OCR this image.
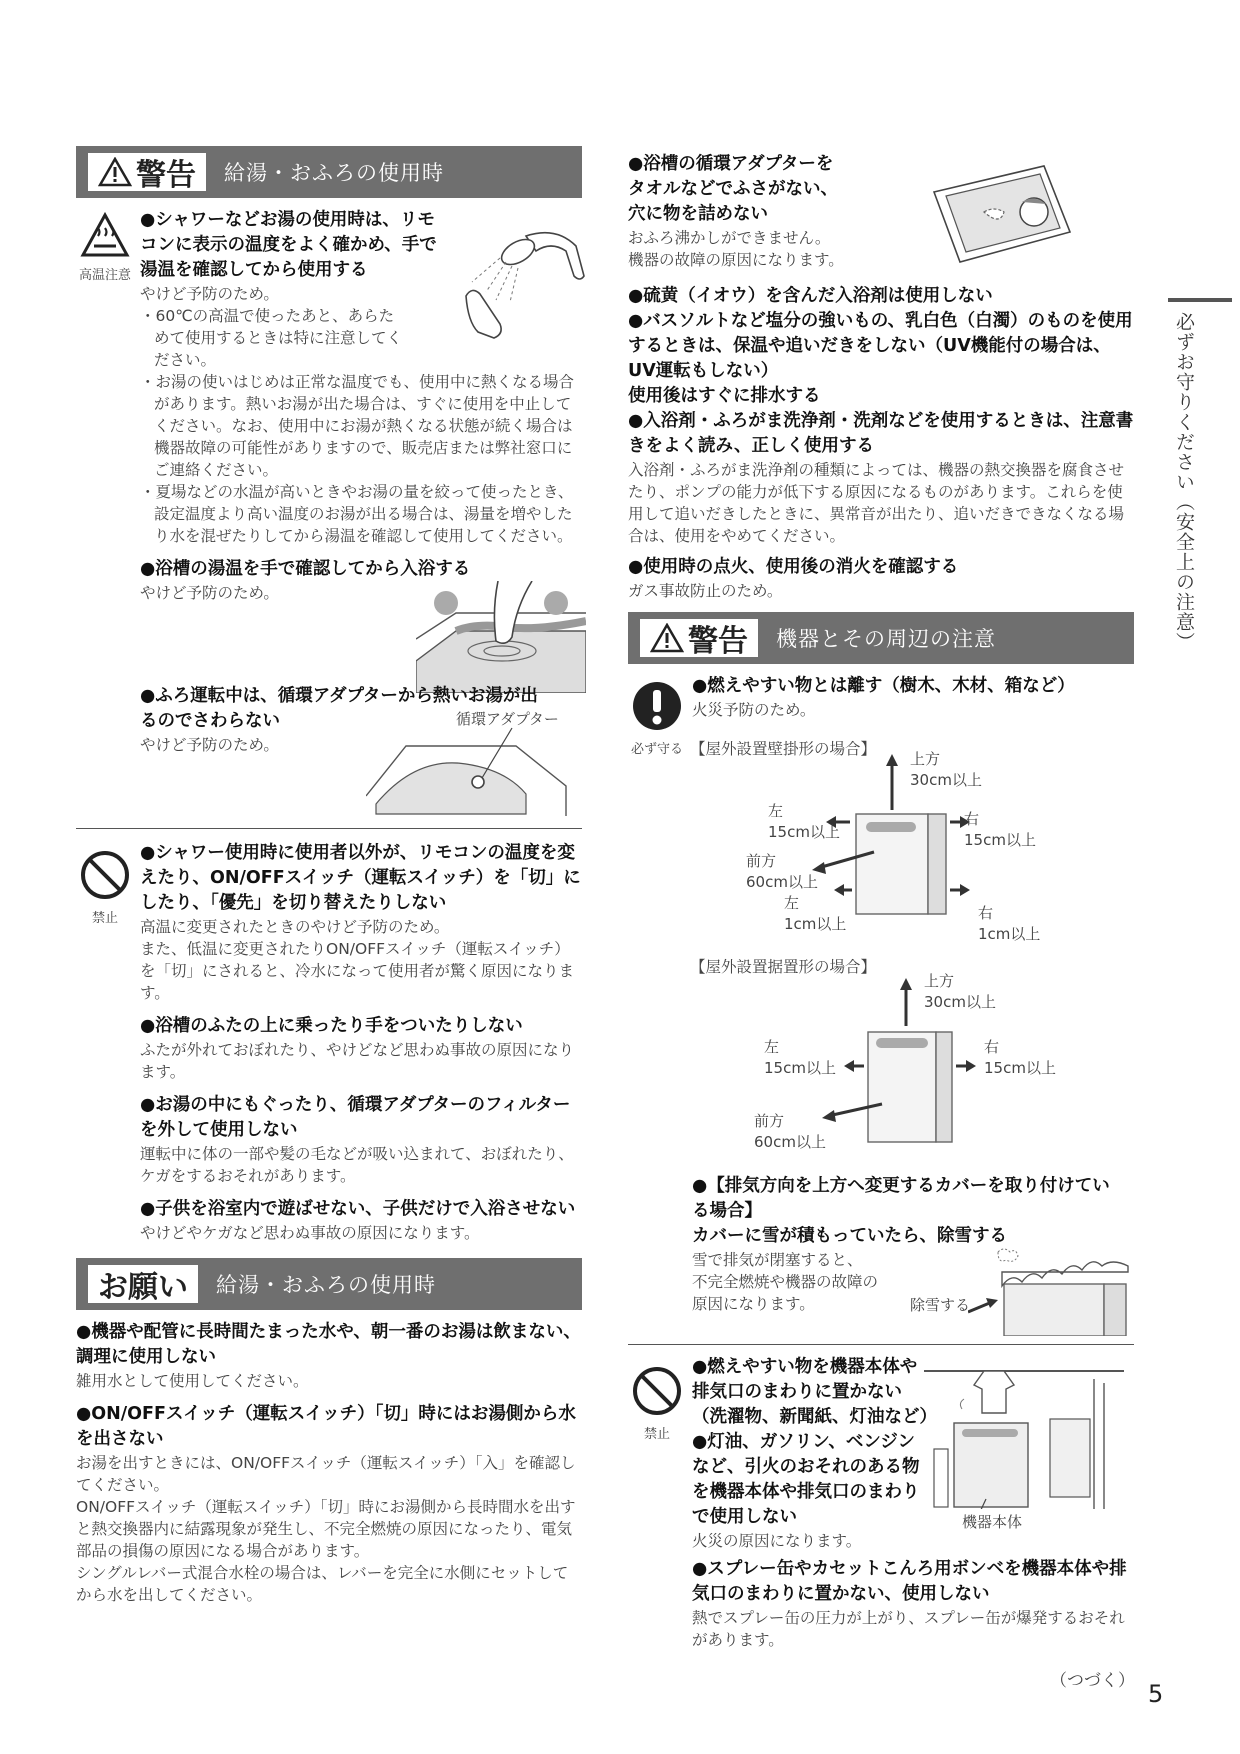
警告 給湯・おふろの使用時
高温注意
●シャワーなどお湯の使用時は、リモ
コンに表示の温度をよく確かめ、手で
湯温を確認してから使用する
やけど予防のため。
・60℃の高温で使ったあと、あらた
めて使用するときは特に注意してく
ださい。
・お湯の使いはじめは正常な温度でも、使用中に熱くなる場合があります。熱いお湯が出た場合は、すぐに使用を中止してください。なお、使用中にお湯が熱くなる状態が続く場合は機器故障の可能性がありますので、販売店または弊社窓口にご連絡ください。
・夏場などの水温が高いときやお湯の量を絞って使ったとき、設定温度より高い温度のお湯が出る場合は、湯量を増やしたり水を混ぜたりしてから湯温を確認して使用してください。
●浴槽の湯温を手で確認してから入浴する
やけど予防のため。
●ふろ運転中は、循環アダプターから熱いお湯が出
るのでさわらない
やけど予防のため。
循環アダプター
禁止
●シャワー使用時に使用者以外が、リモコンの温度を変えたり、ON/OFFスイッチ（運転スイッチ）を「切」にしたり、「優先」を切り替えたりしない
高温に変更されたときのやけど予防のため。
また、低温に変更されたりON/OFFスイッチ（運転スイッチ）を「切」にされると、冷水になって使用者が驚く原因になります。
●浴槽のふたの上に乗ったり手をついたりしない
ふたが外れておぼれたり、やけどなど思わぬ事故の原因になります。
●お湯の中にもぐったり、循環アダプターのフィルターを外して使用しない
運転中に体の一部や髪の毛などが吸い込まれて、おぼれたり、ケガをするおそれがあります。
●子供を浴室内で遊ばせない、子供だけで入浴させない
やけどやケガなど思わぬ事故の原因になります。
お願い 給湯・おふろの使用時
●機器や配管に長時間たまった水や、朝一番のお湯は飲まない、調理に使用しない
雑用水として使用してください。
●ON/OFFスイッチ（運転スイッチ）「切」時にはお湯側から水を出さない
お湯を出すときには、ON/OFFスイッチ（運転スイッチ）「入」を確認してください。
ON/OFFスイッチ（運転スイッチ）「切」時にお湯側から長時間水を出すと熱交換器内に結露現象が発生し、不完全燃焼の原因になったり、電気部品の損傷の原因になる場合があります。
シングルレバー式混合水栓の場合は、レバーを完全に水側にセットしてから水を出してください。
●浴槽の循環アダプターを
タオルなどでふさがない、
穴に物を詰めない
おふろ沸かしができません。
機器の故障の原因になります。
●硫黄（イオウ）を含んだ入浴剤は使用しない
●バスソルトなど塩分の強いもの、乳白色（白濁）のものを使用するときは、保温や追いだきをしない（UV機能付の場合は、UV運転もしない）
使用後はすぐに排水する
●入浴剤・ふろがま洗浄剤・洗剤などを使用するときは、注意書きをよく読み、正しく使用する
入浴剤・ふろがま洗浄剤の種類によっては、機器の熱交換器を腐食させたり、ポンプの能力が低下する原因になるものがあります。これらを使用して追いだきしたときに、異常音が出たり、追いだきできなくなる場合は、使用をやめてください。
●使用時の点火、使用後の消火を確認する
ガス事故防止のため。
警告 機器とその周辺の注意
必ず守る
●燃えやすい物とは離す（樹木、木材、箱など）
火災予防のため。
【屋外設置壁掛形の場合】
上方
30cm以上
左
15cm以上
右
15cm以上
前方
60cm以上
左
1cm以上
右
1cm以上
【屋外設置据置形の場合】
上方
30cm以上
左
15cm以上
右
15cm以上
前方
60cm以上
●【排気方向を上方へ変更するカバーを取り付けてい
る場合】
カバーに雪が積もっていたら、除雪する
雪で排気が閉塞すると、
不完全燃焼や機器の故障の
原因になります。	除雪する
禁止
●燃えやすい物を機器本体や
排気口のまわりに置かない
（洗濯物、新聞紙、灯油など）
●灯油、ガソリン、ベンジン
など、引火のおそれのある物
を機器本体や排気口のまわり
で使用しない
火災の原因になります。
機器本体
●スプレー缶やカセットこんろ用ボンベを機器本体や排気口のまわりに置かない、使用しない
熱でスプレー缶の圧力が上がり、スプレー缶が爆発するおそれがあります。
必ずお守りください（安全上の注意）
（つづく） 5
